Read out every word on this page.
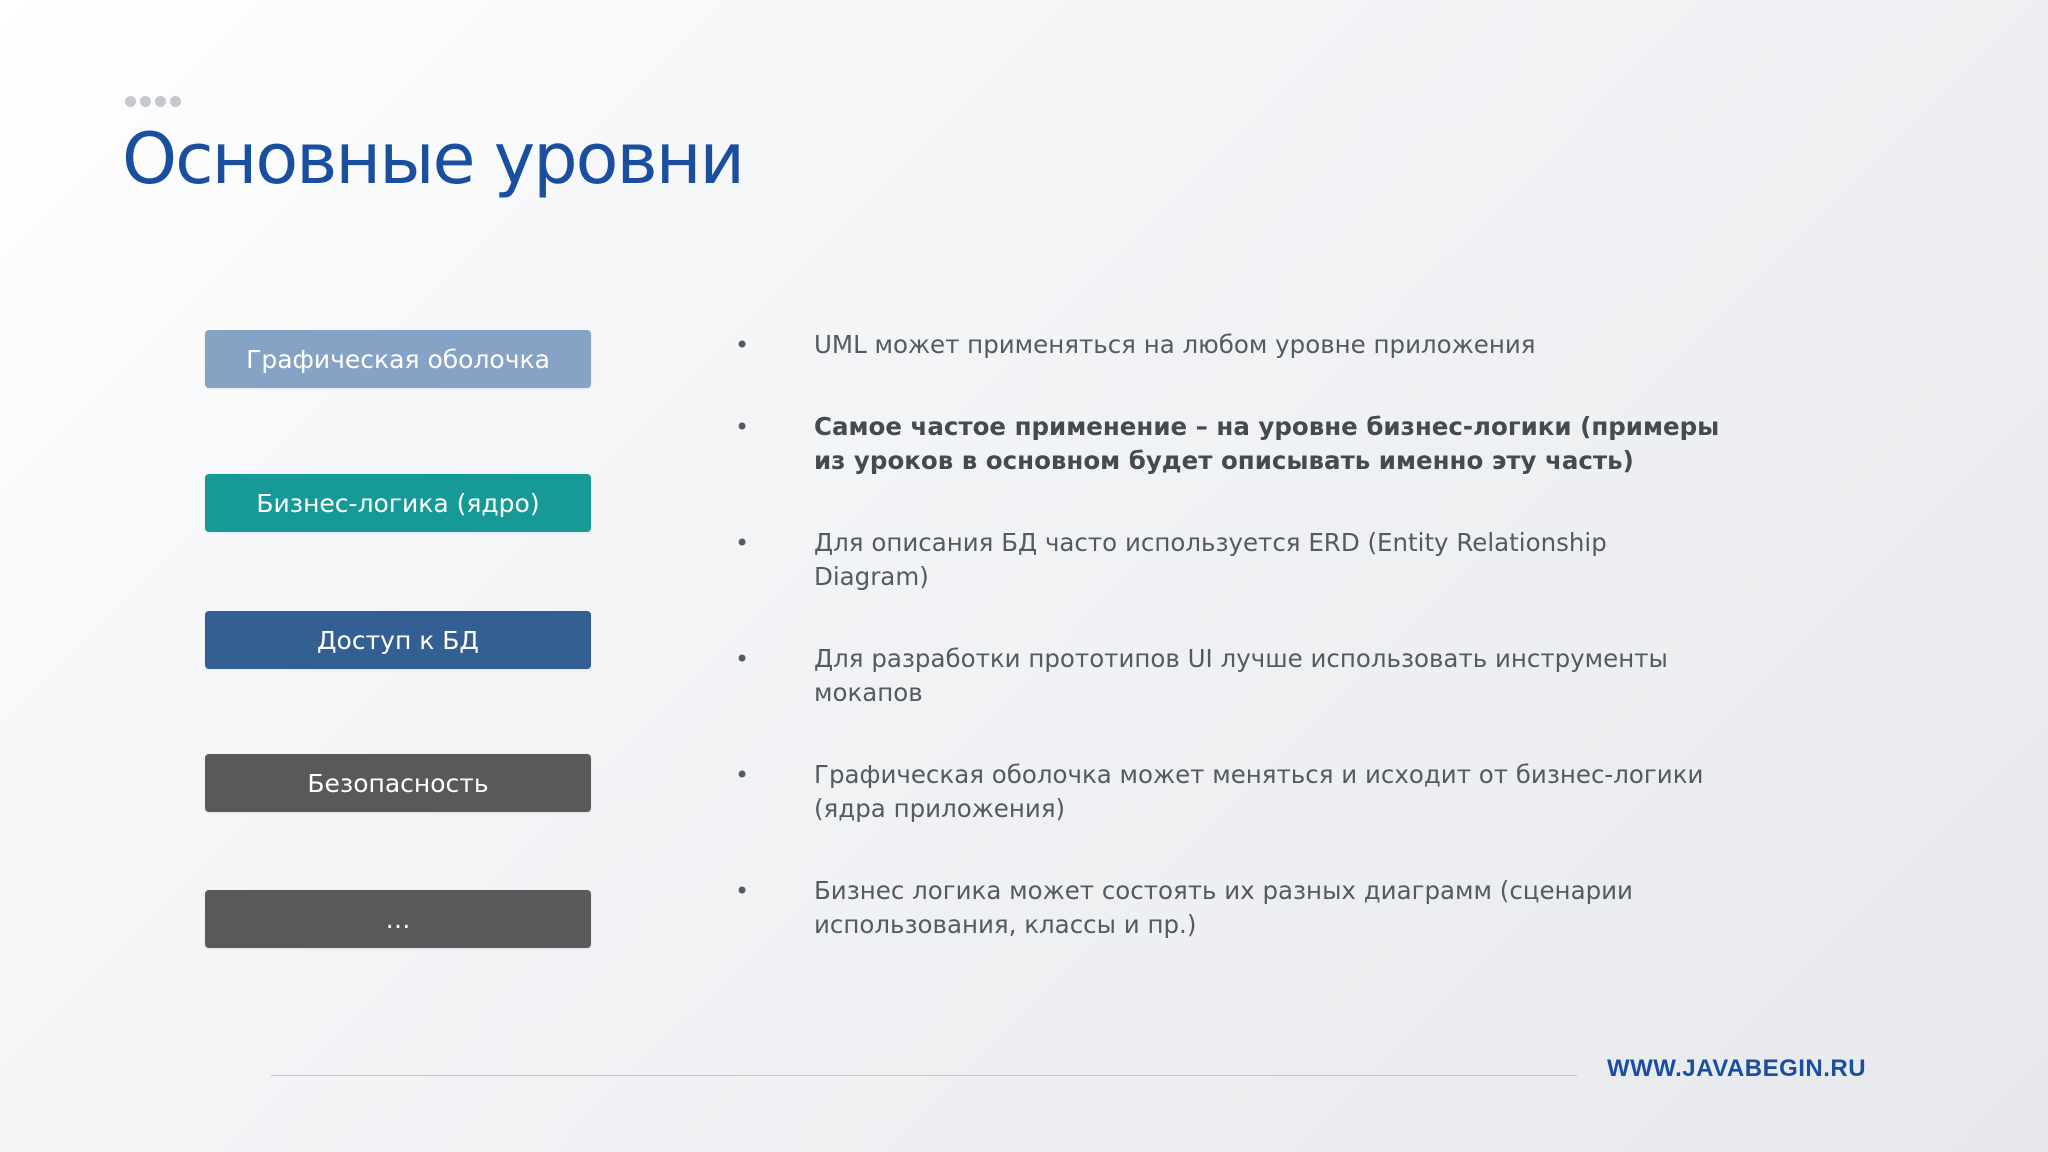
Основные уровни
Графическая оболочка
Бизнес-логика (ядро)
Доступ к БД
Безопасность
…
•	UML может применяться на любом уровне приложения
•	Самое частое применение – на уровне бизнес-логики (примеры из уроков в основном будет описывать именно эту часть)
•	Для описания БД часто используется ERD (Entity Relationship Diagram)
•	Для разработки прототипов UI лучше использовать инструменты мокапов
•	Графическая оболочка может меняться и исходит от бизнес-логики (ядра приложения)
•	Бизнес логика может состоять их разных диаграмм (сценарии использования, классы и пр.)
WWW.JAVABEGIN.RU
